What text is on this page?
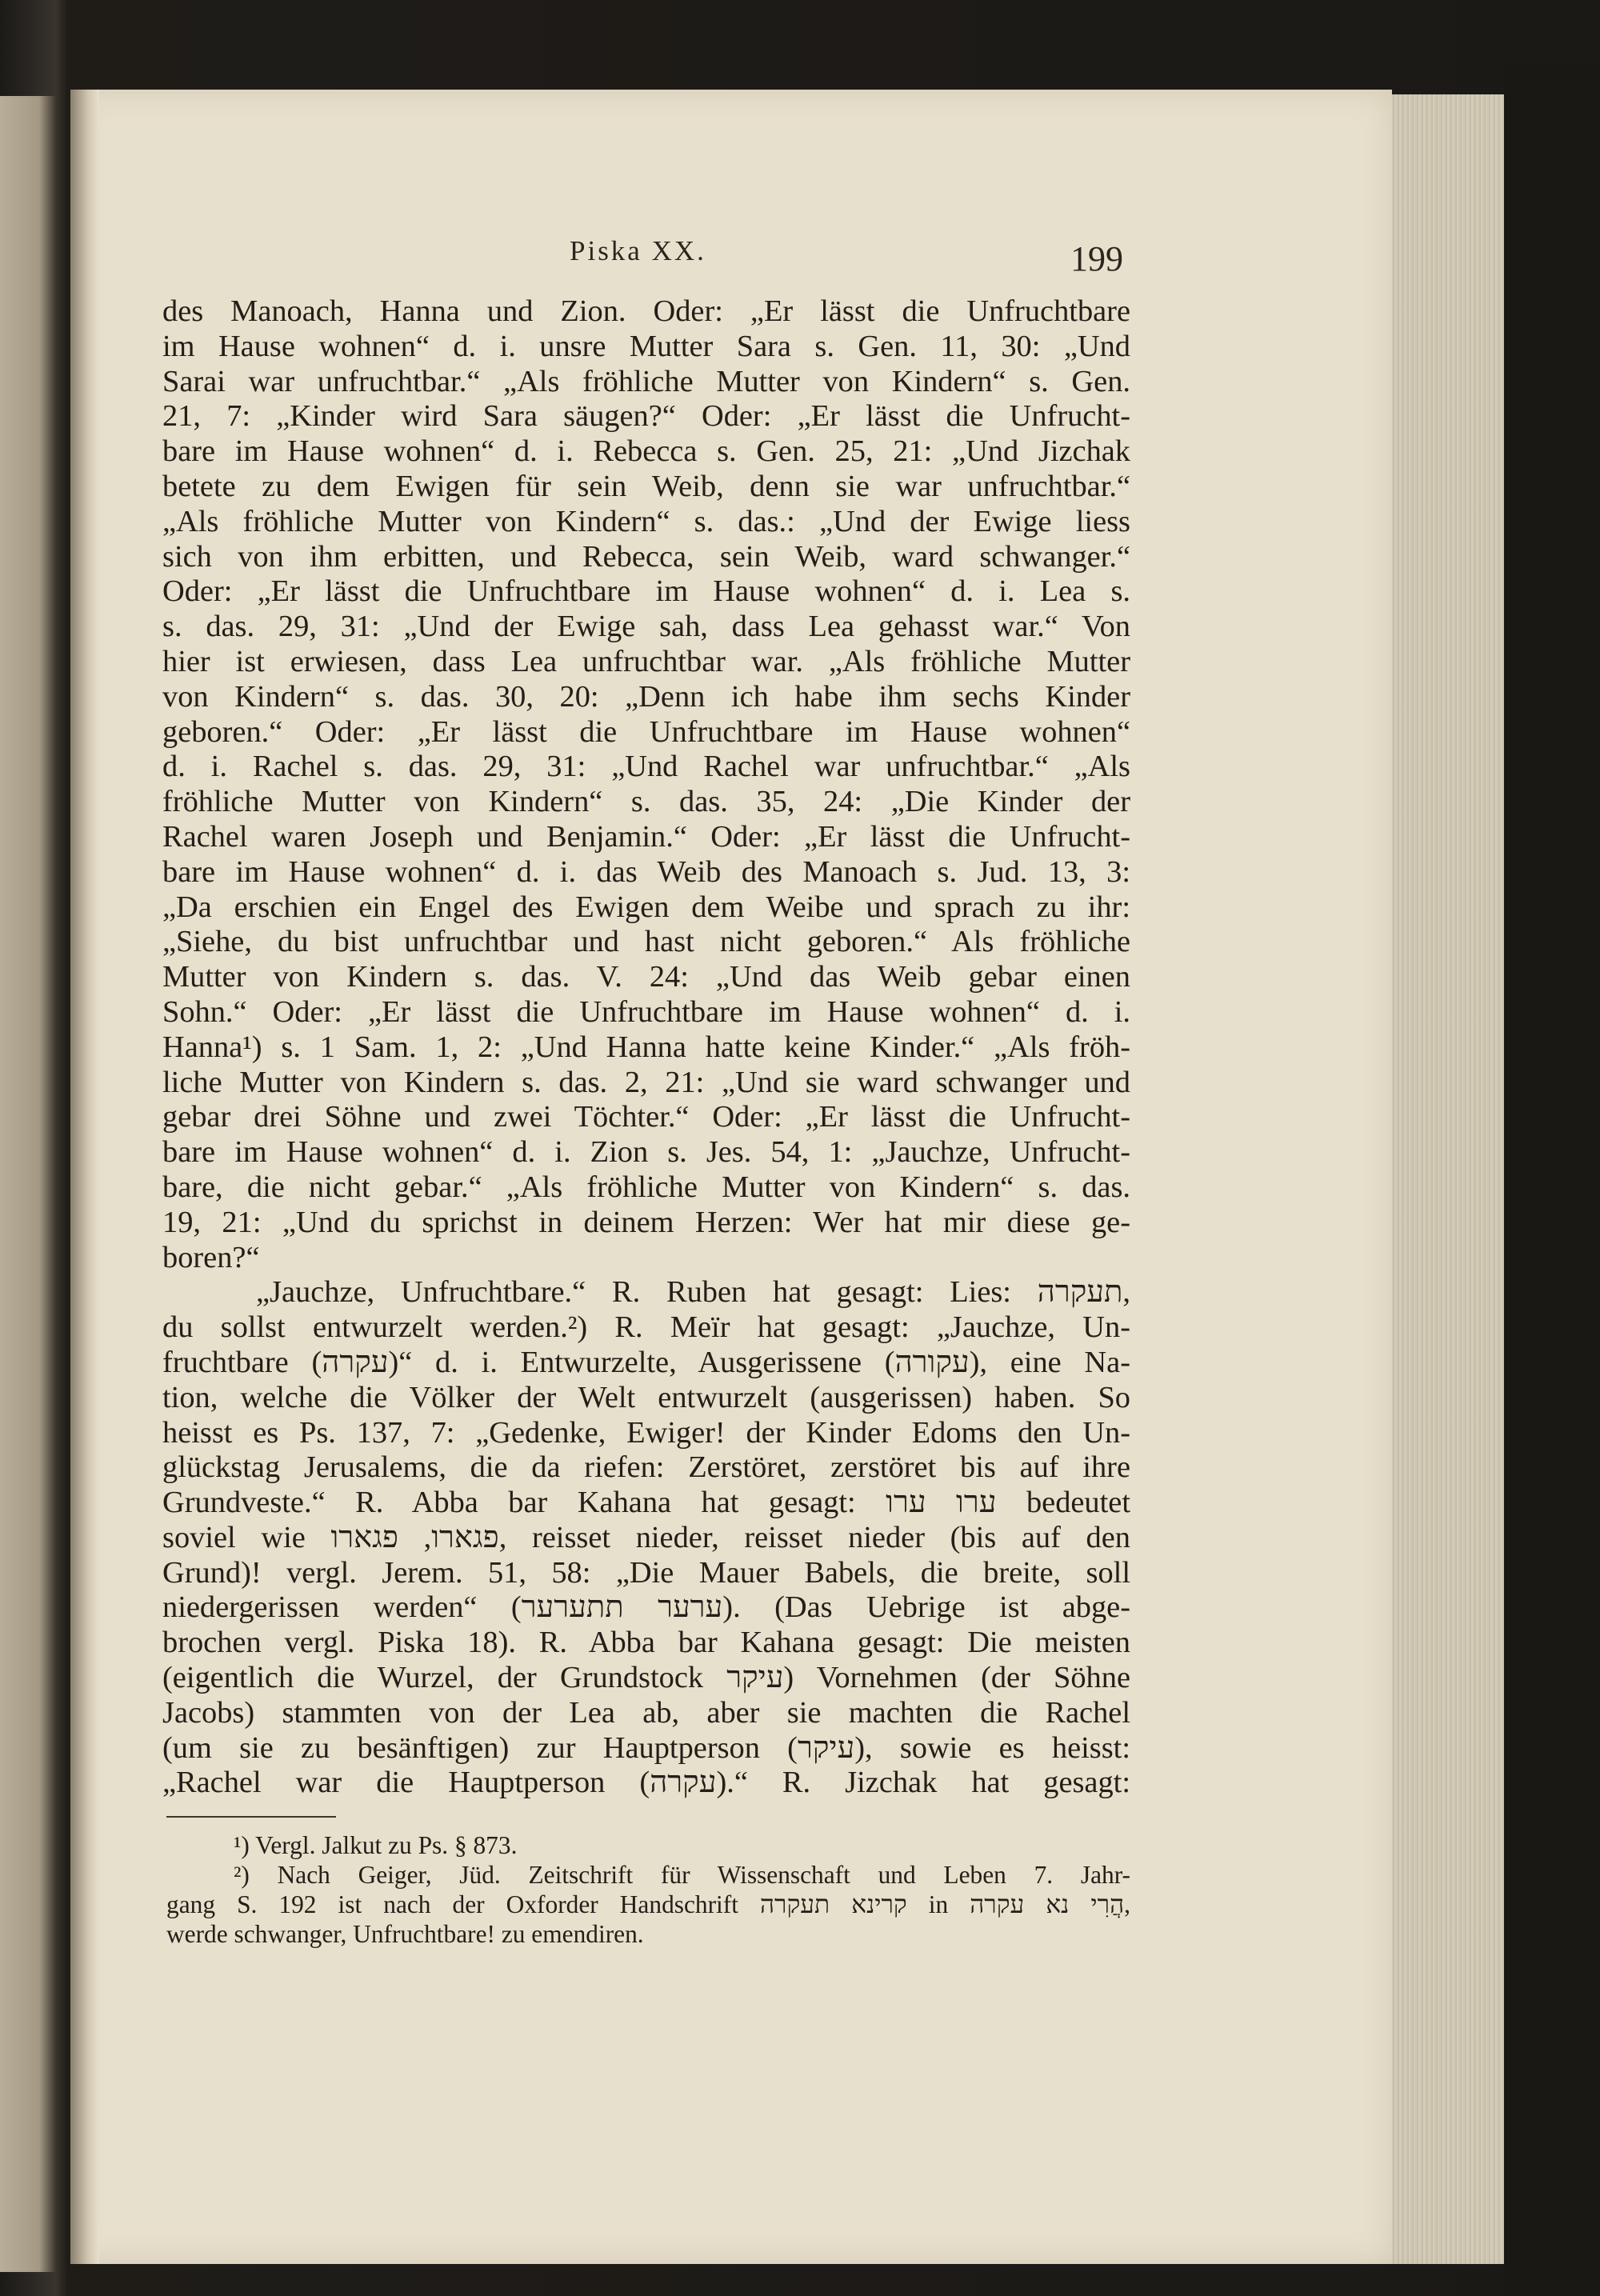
Piska XX.	199

des Manoach, Hanna und Zion. Oder: „Er lässt die Unfruchtbare

im Hause wohnen“ d. i. unsre Mutter Sara s. Gen. 11, 30: „Und

Sarai war unfruchtbar.“ „Als fröhliche Mutter von Kindern“ s. Gen.

21, 7: „Kinder wird Sara säugen?“ Oder: „Er lässt die Unfrucht-

bare im Hause wohnen“ d. i. Rebecca s. Gen. 25, 21: „Und Jizchak

betete zu dem Ewigen für sein Weib, denn sie war unfruchtbar.“

„Als fröhliche Mutter von Kindern“ s. das.: „Und der Ewige liess

sich von ihm erbitten, und Rebecca, sein Weib, ward schwanger.“

Oder: „Er lässt die Unfruchtbare im Hause wohnen“ d. i. Lea s.

s. das. 29, 31: „Und der Ewige sah, dass Lea gehasst war.“ Von

hier ist erwiesen, dass Lea unfruchtbar war. „Als fröhliche Mutter

von Kindern“ s. das. 30, 20: „Denn ich habe ihm sechs Kinder

geboren.“ Oder: „Er lässt die Unfruchtbare im Hause wohnen“

d. i. Rachel s. das. 29, 31: „Und Rachel war unfruchtbar.“ „Als

fröhliche Mutter von Kindern“ s. das. 35, 24: „Die Kinder der

Rachel waren Joseph und Benjamin.“ Oder: „Er lässt die Unfrucht-

bare im Hause wohnen“ d. i. das Weib des Manoach s. Jud. 13, 3:

„Da erschien ein Engel des Ewigen dem Weibe und sprach zu ihr:

„Siehe, du bist unfruchtbar und hast nicht geboren.“ Als fröhliche

Mutter von Kindern s. das. V. 24: „Und das Weib gebar einen

Sohn.“ Oder: „Er lässt die Unfruchtbare im Hause wohnen“ d. i.

Hanna¹) s. 1 Sam. 1, 2: „Und Hanna hatte keine Kinder.“ „Als fröh-

liche Mutter von Kindern s. das. 2, 21: „Und sie ward schwanger und

gebar drei Söhne und zwei Töchter.“ Oder: „Er lässt die Unfrucht-

bare im Hause wohnen“ d. i. Zion s. Jes. 54, 1: „Jauchze, Unfrucht-

bare, die nicht gebar.“ „Als fröhliche Mutter von Kindern“ s. das.

19, 21: „Und du sprichst in deinem Herzen: Wer hat mir diese ge-

boren?“

„Jauchze, Unfruchtbare.“ R. Ruben hat gesagt: Lies: תעקרה,

du sollst entwurzelt werden.²) R. Meïr hat gesagt: „Jauchze, Un-

fruchtbare (עקרה)“ d. i. Entwurzelte, Ausgerissene (עקורה), eine Na-

tion, welche die Völker der Welt entwurzelt (ausgerissen) haben. So

heisst es Ps. 137, 7: „Gedenke, Ewiger! der Kinder Edoms den Un-

glückstag Jerusalems, die da riefen: Zerstöret, zerstöret bis auf ihre

Grundveste.“ R. Abba bar Kahana hat gesagt: ערו ערו bedeutet

soviel wie פגארו, פגארו, reisset nieder, reisset nieder (bis auf den

Grund)! vergl. Jerem. 51, 58: „Die Mauer Babels, die breite, soll

niedergerissen werden“ (ערער תתערער). (Das Uebrige ist abge-

brochen vergl. Piska 18). R. Abba bar Kahana gesagt: Die meisten

(eigentlich die Wurzel, der Grundstock עיקר) Vornehmen (der Söhne

Jacobs) stammten von der Lea ab, aber sie machten die Rachel

(um sie zu besänftigen) zur Hauptperson (עיקר), sowie es heisst:

„Rachel war die Hauptperson (עקרה).“ R. Jizchak hat gesagt:

¹) Vergl. Jalkut zu Ps. § 873.

²) Nach Geiger, Jüd. Zeitschrift für Wissenschaft und Leben 7. Jahr-

gang S. 192 ist nach der Oxforder Handschrift קרינא תעקרה in הֲרִי נא עקרה,

werde schwanger, Unfruchtbare! zu emendiren.
